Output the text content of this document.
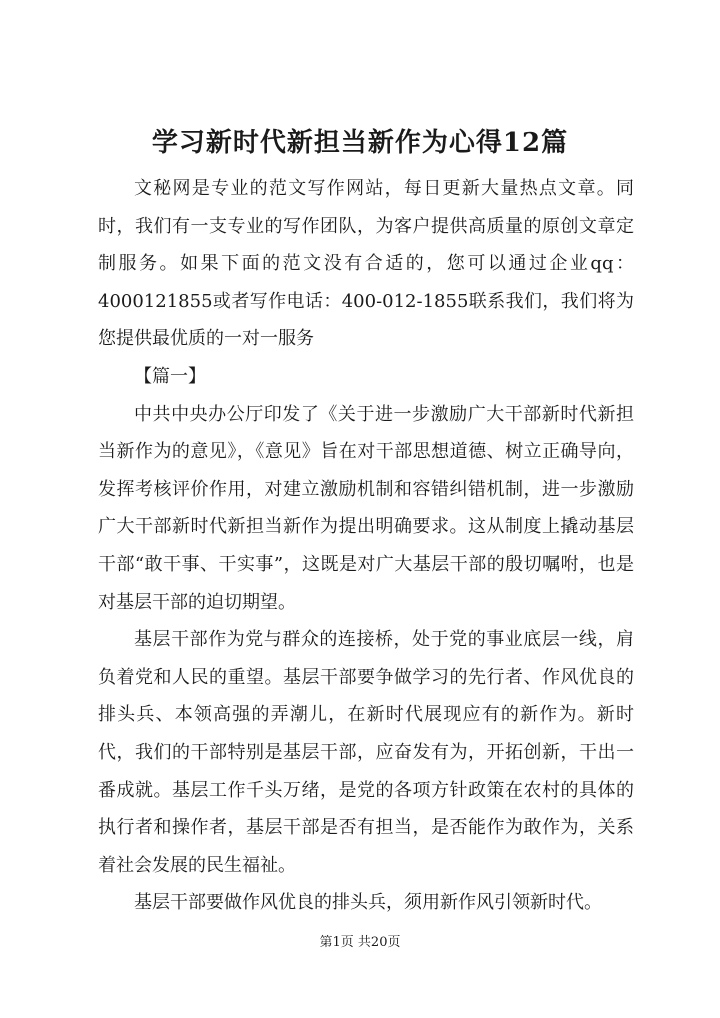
学习新时代新担当新作为心得12篇

文秘网是专业的范文写作网站，每日更新大量热点文章。同时，我们有一支专业的写作团队，为客户提供高质量的原创文章定制服务。如果下面的范文没有合适的，您可以通过企业qq：4000121855或者写作电话：400-012-1855联系我们，我们将为您提供最优质的一对一服务

【篇一】

中共中央办公厅印发了《关于进一步激励广大干部新时代新担当新作为的意见》，《意见》旨在对干部思想道德、树立正确导向，发挥考核评价作用，对建立激励机制和容错纠错机制，进一步激励广大干部新时代新担当新作为提出明确要求。这从制度上撬动基层干部“敢干事、干实事”，这既是对广大基层干部的殷切嘱咐，也是对基层干部的迫切期望。

基层干部作为党与群众的连接桥，处于党的事业底层一线，肩负着党和人民的重望。基层干部要争做学习的先行者、作风优良的排头兵、本领高强的弄潮儿，在新时代展现应有的新作为。新时代，我们的干部特别是基层干部，应奋发有为，开拓创新，干出一番成就。基层工作千头万绪，是党的各项方针政策在农村的具体的执行者和操作者，基层干部是否有担当，是否能作为敢作为，关系着社会发展的民生福祉。

基层干部要做作风优良的排头兵，须用新作风引领新时代。

第1页 共20页
